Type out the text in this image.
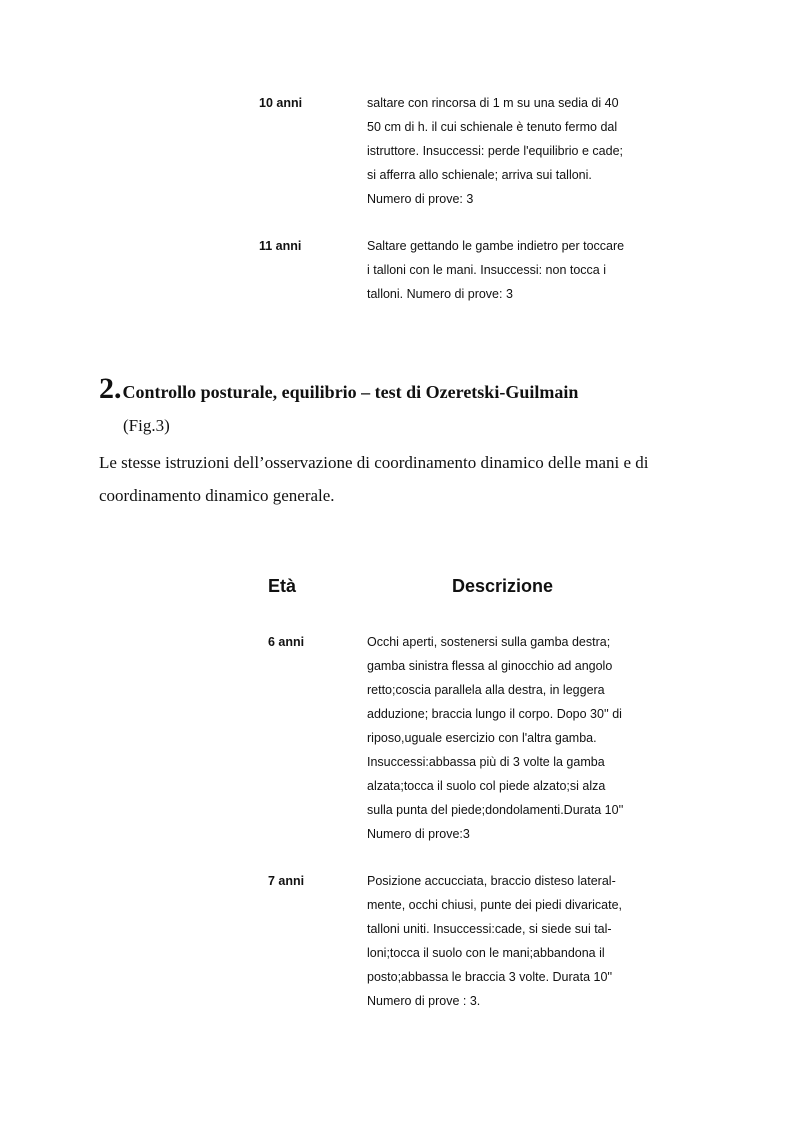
10 anni	saltare con rincorsa di 1 m su una sedia di 40
50 cm di h. il cui schienale è tenuto fermo dal
istruttore. Insuccessi: perde l'equilibrio e cade;
si afferra allo schienale; arriva sui talloni.
Numero di prove: 3
11 anni	Saltare gettando le gambe indietro per toccare
i talloni con le mani. Insuccessi: non tocca i
talloni. Numero di prove: 3
2.Controllo posturale, equilibrio – test di Ozeretski-Guilmain
(Fig.3)
Le stesse istruzioni dell’osservazione di coordinamento dinamico delle mani e di
coordinamento dinamico generale.
Età	Descrizione
6 anni	Occhi aperti, sostenersi sulla gamba destra;
gamba sinistra flessa al ginocchio ad angolo
retto;coscia parallela alla destra, in leggera
adduzione; braccia lungo il corpo. Dopo 30'' di
riposo,uguale esercizio con l'altra gamba.
Insuccessi:abbassa più di 3 volte la gamba
alzata;tocca il suolo col piede alzato;si alza
sulla punta del piede;dondolamenti.Durata 10''
Numero di prove:3
7 anni	Posizione accucciata, braccio disteso lateral-
mente, occhi chiusi, punte dei piedi divaricate,
talloni uniti. Insuccessi:cade, si siede sui tal-
loni;tocca il suolo con le mani;abbandona il
posto;abbassa le braccia 3 volte. Durata 10''
Numero di prove : 3.
